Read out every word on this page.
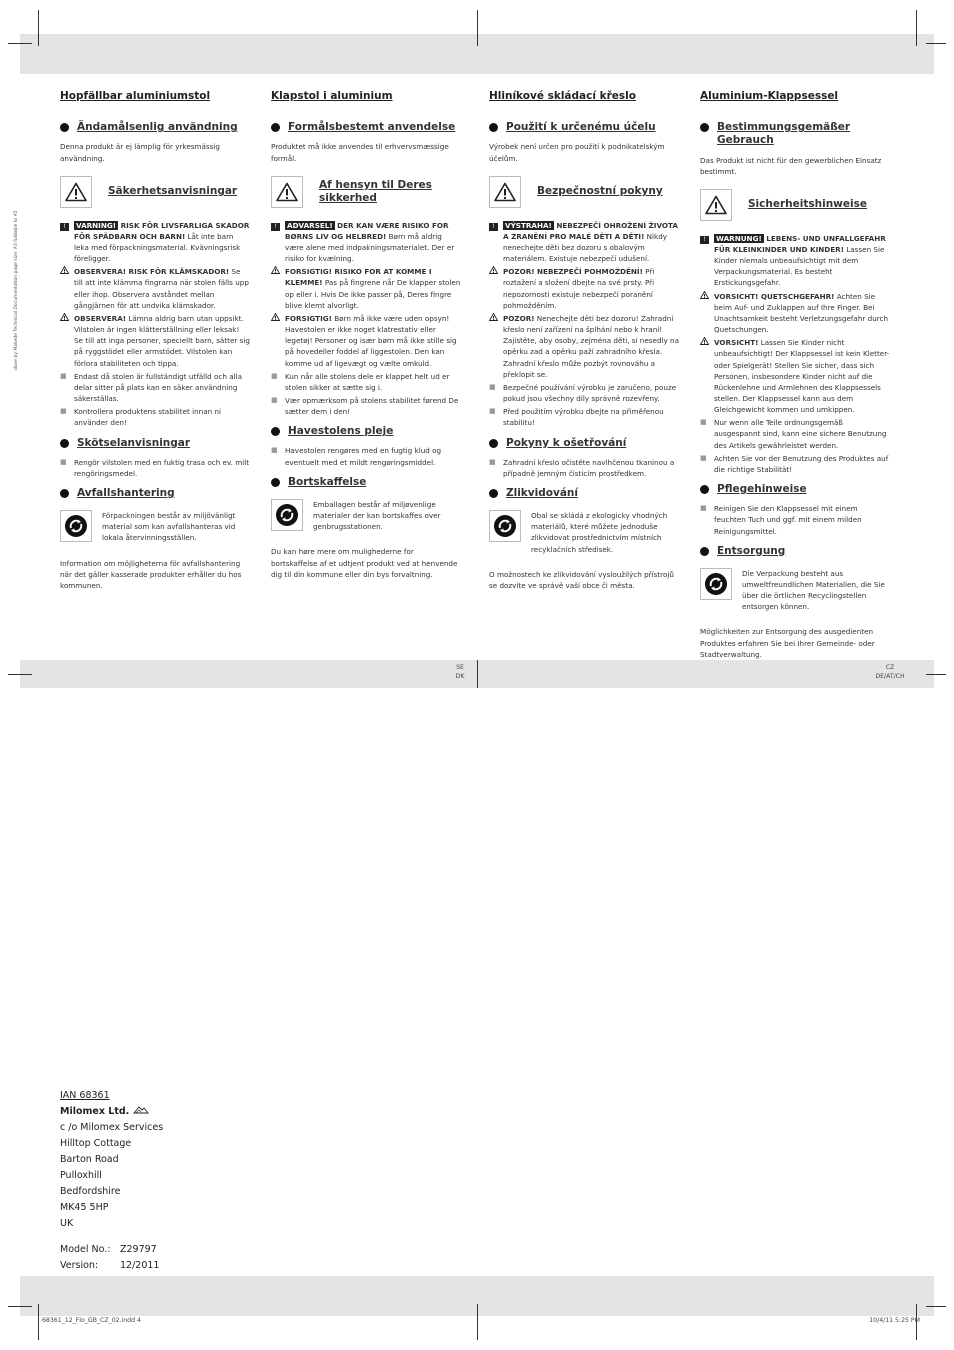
dave by Makede Technical Documentation page size: A3 foldable to A5
Hopfällbar aluminiumstol
Ändamålsenlig användning

Denna produkt är ej lämplig för yrkesmässig användning.

Säkerhetsanvisningar
!	VARNING! RISK FÖR LIVSFARLIGA SKADOR FÖR SPÄDBARN OCH BARN! Låt inte barn leka med förpackningsmaterial. Kvävningsrisk föreligger.
OBSERVERA! RISK FÖR KLÄMSKADOR! Se till att inte klämma fingrarna när stolen fälls upp eller ihop. Observera avståndet mellan gångjärnen för att undvika klämskador.
OBSERVERA! Lämna aldrig barn utan uppsikt. Vilstolen är ingen klätterställning eller leksak! Se till att inga personer, speciellt barn, sätter sig på ryggstödet eller armstödet. Vilstolen kan förlora stabiliteten och tippa.
■	Endast då stolen är fullständigt utfälld och alla delar sitter på plats kan en säker användning säkerställas.
■	Kontrollera produktens stabilitet innan ni använder den!
Skötselanvisningar
■	Rengör vilstolen med en fuktig trasa och ev. milt rengöringsmedel.
Avfallshantering
Förpackningen består av miljövänligt material som kan avfallshanteras vid lokala återvinningsställen.

Information om möjligheterna för avfallshantering när det gäller kasserade produkter erhåller du hos kommunen.

Klapstol i aluminium
Formålsbestemt anvendelse

Produktet må ikke anvendes til erhvervsmæssige formål.

Af hensyn til Deres sikkerhed
!	ADVARSEL! DER KAN VÆRE RISIKO FOR BØRNS LIV OG HELBRED! Børn må aldrig være alene med indpakningsmaterialet. Der er risiko for kvælning.
FORSIGTIG! RISIKO FOR AT KOMME I KLEMME! Pas på fingrene når De klapper stolen op eller i. Hvis De ikke passer på, Deres fingre blive klemt alvorligt.
FORSIGTIG! Børn må ikke være uden opsyn! Havestolen er ikke noget klatrestativ eller legetøj! Personer og især børn må ikke stille sig på hovedeller foddel af liggestolen. Den kan komme ud af ligevægt og vælte omkuld.
■	Kun når alle stolens dele er klappet helt ud er stolen sikker at sætte sig i.
■	Vær opmærksom på stolens stabilitet førend De sætter dem i den!
Havestolens pleje
■	Havestolen rengøres med en fugtig klud og eventuelt med et mildt rengøringsmiddel.
Bortskaffelse
Emballagen består af miljøvenlige materialer der kan bortskaffes over genbrugsstationen.

Du kan høre mere om mulighederne for bortskaffelse af et udtjent produkt ved at henvende dig til din kommune eller din bys forvaltning.

Hliníkové skládací křeslo
Použití k určenému účelu

Výrobek není určen pro použití k podnikatelským účelům.

Bezpečnostní pokyny
!	VÝSTRAHA! NEBEZPEČÍ OHROŽENÍ ŽIVOTA A ZRANĚNÍ PRO MALÉ DĚTI A DĚTI! Nikdy nenechejte děti bez dozoru s obalovým materiálem. Existuje nebezpečí udušení.
POZOR! NEBEZPEČÍ POHMOŽDĚNÍ! Při roztažení a složení dbejte na své prsty. Při nepozornosti existuje nebezpečí poranění pohmožděním.
POZOR! Nenechejte děti bez dozoru! Zahradní křeslo není zařízení na šplhání nebo k hraní! Zajistěte, aby osoby, zejména děti, si nesedly na opěrku zad a opěrku paží zahradního křesla. Zahradní křeslo může pozbýt rovnováhu a překlopit se.
■	Bezpečné používání výrobku je zaručeno, pouze pokud jsou všechny díly správně rozevřeny.
■	Před použitím výrobku dbejte na přiměřenou stabilitu!
Pokyny k ošetřování
■	Zahradní křeslo očistěte navlhčenou tkaninou a případně jemným čisticím prostředkem.
Zlikvidování
Obal se skládá z ekologicky vhodných materiálů, které můžete jednoduše zlikvidovat prostřednictvím místních recyklačních středisek.

O možnostech ke zlikvidování vysloužilých přístrojů se dozvíte ve správě vaší obce či města.

Aluminium-Klappsessel
Bestimmungsgemäßer Gebrauch

Das Produkt ist nicht für den gewerblichen Einsatz bestimmt.

Sicherheitshinweise
!	WARNUNG! LEBENS- UND UNFALLGEFAHR FÜR KLEINKINDER UND KINDER! Lassen Sie Kinder niemals unbeaufsichtigt mit dem Verpackungsmaterial. Es besteht Erstickungsgefahr.
VORSICHT! QUETSCHGEFAHR! Achten Sie beim Auf- und Zuklappen auf Ihre Finger. Bei Unachtsamkeit besteht Verletzungsgefahr durch Quetschungen.
VORSICHT! Lassen Sie Kinder nicht unbeaufsichtigt! Der Klappsessel ist kein Kletter- oder Spielgerät! Stellen Sie sicher, dass sich Personen, insbesondere Kinder nicht auf die Rückenlehne und Armlehnen des Klappsessels stellen. Der Klappsessel kann aus dem Gleichgewicht kommen und umkippen.
■	Nur wenn alle Teile ordnungsgemäß ausgespannt sind, kann eine sichere Benutzung des Artikels gewährleistet werden.
■	Achten Sie vor der Benutzung des Produktes auf die richtige Stabilität!
Pflegehinweise
■	Reinigen Sie den Klappsessel mit einem feuchten Tuch und ggf. mit einem milden Reinigungsmittel.
Entsorgung
Die Verpackung besteht aus umweltfreundlichen Materialien, die Sie über die örtlichen Recyclingstellen entsorgen können.

Möglichkeiten zur Entsorgung des ausgedienten Produktes erfahren Sie bei Ihrer Gemeinde- oder Stadtverwaltung.

SE
DK
CZ
DE/AT/CH
68361_12_Flo_GB_CZ_02.indd 4	10/4/11 5:25 PM
IAN 68361
Milomex Ltd.
c /o Milomex Services
Hilltop Cottage
Barton Road
Pulloxhill
Bedfordshire
MK45 5HP
UK
Model No.: Z29797
Version: 12/2011
